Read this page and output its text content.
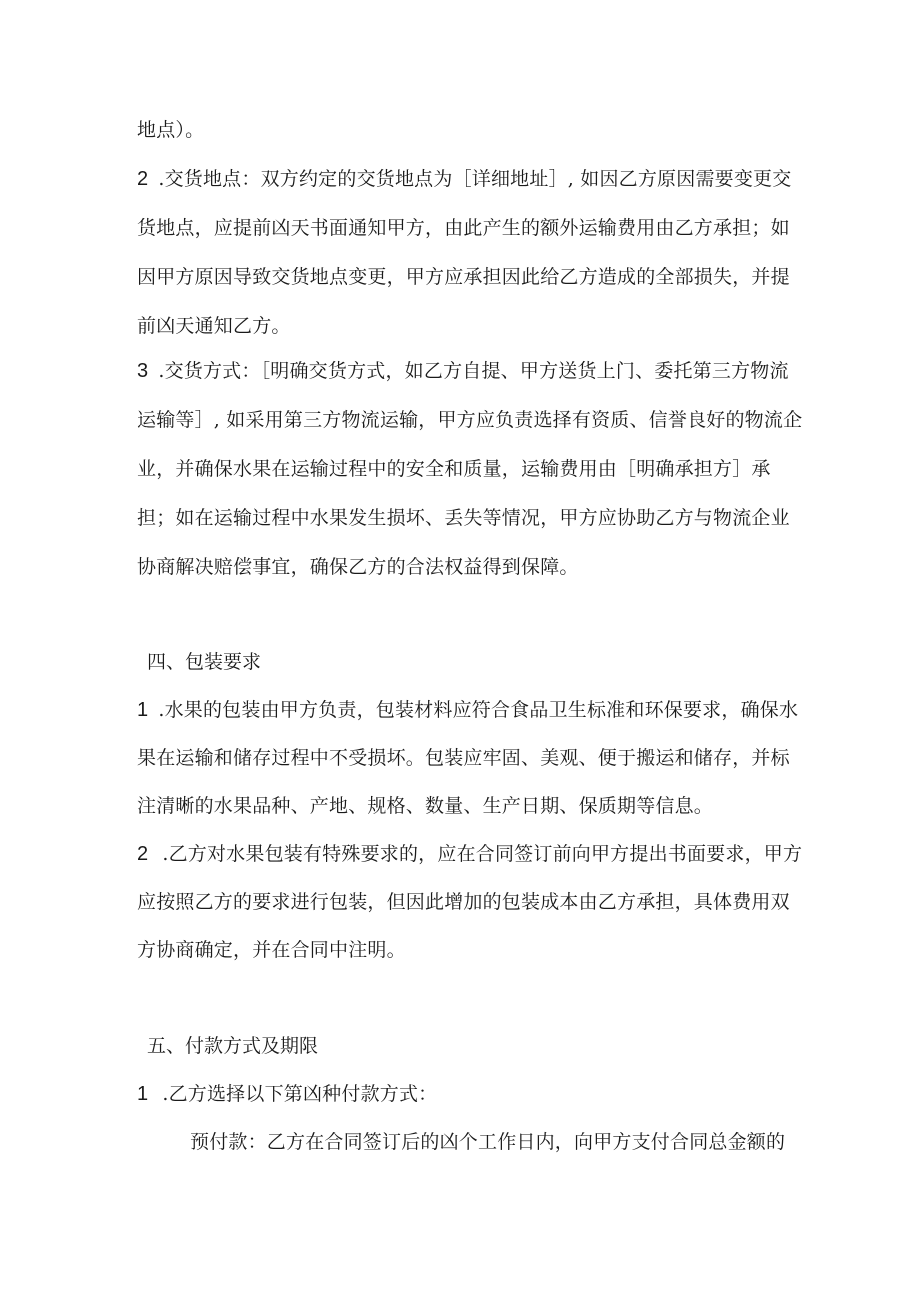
地点）。
2 .交货地点：双方约定的交货地点为［详细地址］, 如因乙方原因需要变更交
货地点，应提前凶天书面通知甲方，由此产生的额外运输费用由乙方承担；如
因甲方原因导致交货地点变更，甲方应承担因此给乙方造成的全部损失，并提
前凶天通知乙方。
3 .交货方式：［明确交货方式，如乙方自提、甲方送货上门、委托第三方物流
运输等］, 如采用第三方物流运输，甲方应负责选择有资质、信誉良好的物流企
业，并确保水果在运输过程中的安全和质量，运输费用由［明确承担方］承
担；如在运输过程中水果发生损坏、丢失等情况，甲方应协助乙方与物流企业
协商解决赔偿事宜，确保乙方的合法权益得到保障。
四、包装要求
1 .水果的包装由甲方负责，包装材料应符合食品卫生标准和环保要求，确保水
果在运输和储存过程中不受损坏。包装应牢固、美观、便于搬运和储存，并标
注清晰的水果品种、产地、规格、数量、生产日期、保质期等信息。
2 .乙方对水果包装有特殊要求的，应在合同签订前向甲方提出书面要求，甲方
应按照乙方的要求进行包装，但因此增加的包装成本由乙方承担，具体费用双
方协商确定，并在合同中注明。
五、付款方式及期限
1 .乙方选择以下第凶种付款方式：
预付款：乙方在合同签订后的凶个工作日内，向甲方支付合同总金额的
